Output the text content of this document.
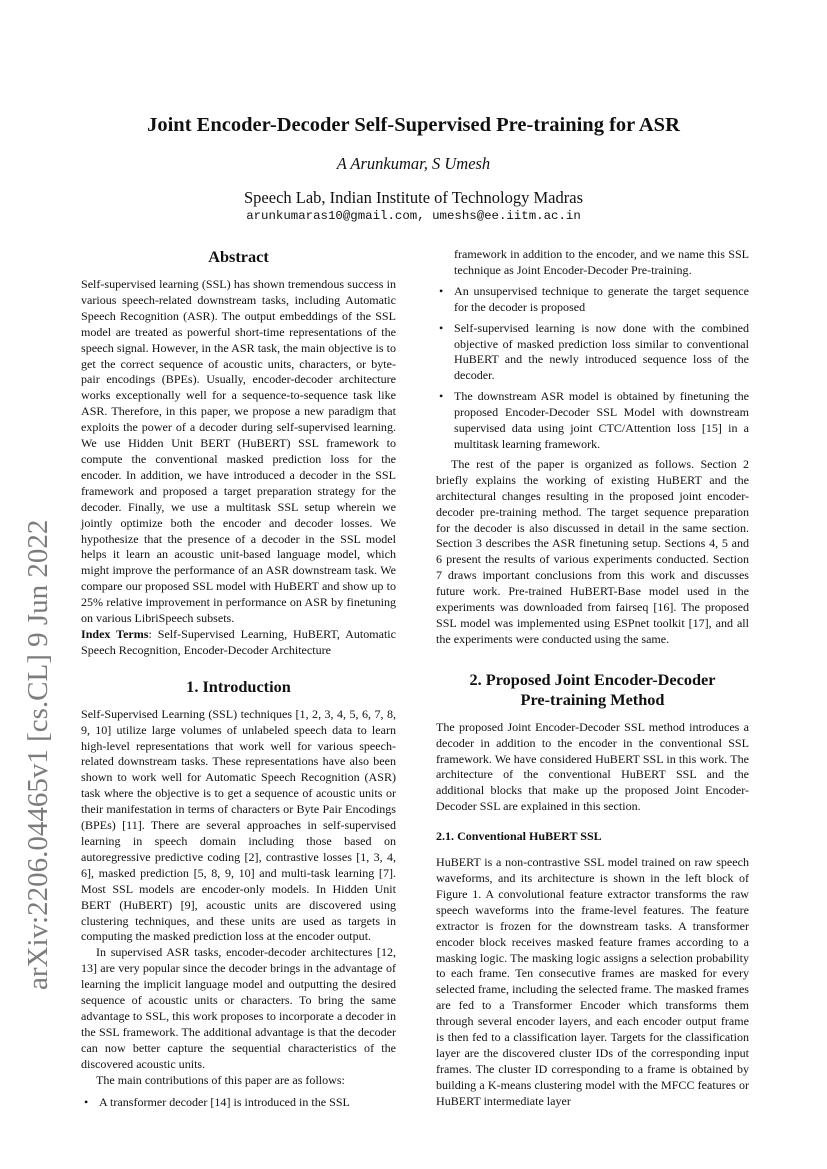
arXiv:2206.04465v1 [cs.CL] 9 Jun 2022
Joint Encoder-Decoder Self-Supervised Pre-training for ASR
A Arunkumar, S Umesh
Speech Lab, Indian Institute of Technology Madras
arunkumaras10@gmail.com, umeshs@ee.iitm.ac.in
Abstract

Self-supervised learning (SSL) has shown tremendous success in various speech-related downstream tasks, including Automatic Speech Recognition (ASR). The output embeddings of the SSL model are treated as powerful short-time representations of the speech signal. However, in the ASR task, the main objective is to get the correct sequence of acoustic units, characters, or byte-pair encodings (BPEs). Usually, encoder-decoder architecture works exceptionally well for a sequence-to-sequence task like ASR. Therefore, in this paper, we propose a new paradigm that exploits the power of a decoder during self-supervised learning. We use Hidden Unit BERT (HuBERT) SSL framework to compute the conventional masked prediction loss for the encoder. In addition, we have introduced a decoder in the SSL framework and proposed a target preparation strategy for the decoder. Finally, we use a multitask SSL setup wherein we jointly optimize both the encoder and decoder losses. We hypothesize that the presence of a decoder in the SSL model helps it learn an acoustic unit-based language model, which might improve the performance of an ASR downstream task. We compare our proposed SSL model with HuBERT and show up to 25% relative improvement in performance on ASR by finetuning on various LibriSpeech subsets.

Index Terms: Self-Supervised Learning, HuBERT, Automatic Speech Recognition, Encoder-Decoder Architecture

1. Introduction

Self-Supervised Learning (SSL) techniques [1, 2, 3, 4, 5, 6, 7, 8, 9, 10] utilize large volumes of unlabeled speech data to learn high-level representations that work well for various speech-related downstream tasks. These representations have also been shown to work well for Automatic Speech Recognition (ASR) task where the objective is to get a sequence of acoustic units or their manifestation in terms of characters or Byte Pair Encodings (BPEs) [11]. There are several approaches in self-supervised learning in speech domain including those based on autoregressive predictive coding [2], contrastive losses [1, 3, 4, 6], masked prediction [5, 8, 9, 10] and multi-task learning [7]. Most SSL models are encoder-only models. In Hidden Unit BERT (HuBERT) [9], acoustic units are discovered using clustering techniques, and these units are used as targets in computing the masked prediction loss at the encoder output.

In supervised ASR tasks, encoder-decoder architectures [12, 13] are very popular since the decoder brings in the advantage of learning the implicit language model and outputting the desired sequence of acoustic units or characters. To bring the same advantage to SSL, this work proposes to incorporate a decoder in the SSL framework. The additional advantage is that the decoder can now better capture the sequential characteristics of the discovered acoustic units.

The main contributions of this paper are as follows:

• A transformer decoder [14] is introduced in the SSL
framework in addition to the encoder, and we name this SSL technique as Joint Encoder-Decoder Pre-training.
• An unsupervised technique to generate the target sequence for the decoder is proposed
• Self-supervised learning is now done with the combined objective of masked prediction loss similar to conventional HuBERT and the newly introduced sequence loss of the decoder.
• The downstream ASR model is obtained by finetuning the proposed Encoder-Decoder SSL Model with downstream supervised data using joint CTC/Attention loss [15] in a multitask learning framework.

The rest of the paper is organized as follows. Section 2 briefly explains the working of existing HuBERT and the architectural changes resulting in the proposed joint encoder-decoder pre-training method. The target sequence preparation for the decoder is also discussed in detail in the same section. Section 3 describes the ASR finetuning setup. Sections 4, 5 and 6 present the results of various experiments conducted. Section 7 draws important conclusions from this work and discusses future work. Pre-trained HuBERT-Base model used in the experiments was downloaded from fairseq [16]. The proposed SSL model was implemented using ESPnet toolkit [17], and all the experiments were conducted using the same.

2. Proposed Joint Encoder-Decoder
Pre-training Method

The proposed Joint Encoder-Decoder SSL method introduces a decoder in addition to the encoder in the conventional SSL framework. We have considered HuBERT SSL in this work. The architecture of the conventional HuBERT SSL and the additional blocks that make up the proposed Joint Encoder-Decoder SSL are explained in this section.

2.1. Conventional HuBERT SSL

HuBERT is a non-contrastive SSL model trained on raw speech waveforms, and its architecture is shown in the left block of Figure 1. A convolutional feature extractor transforms the raw speech waveforms into the frame-level features. The feature extractor is frozen for the downstream tasks. A transformer encoder block receives masked feature frames according to a masking logic. The masking logic assigns a selection probability to each frame. Ten consecutive frames are masked for every selected frame, including the selected frame. The masked frames are fed to a Transformer Encoder which transforms them through several encoder layers, and each encoder output frame is then fed to a classification layer. Targets for the classification layer are the discovered cluster IDs of the corresponding input frames. The cluster ID corresponding to a frame is obtained by building a K-means clustering model with the MFCC features or HuBERT intermediate layer
